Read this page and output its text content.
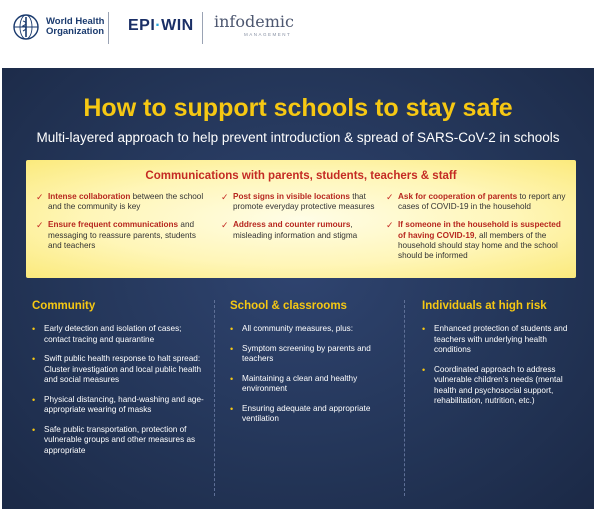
World Health
Organization EPI·WIN infodemic
MANAGEMENT
How to support schools to stay safe
Multi-layered approach to help prevent introduction & spread of SARS-CoV-2 in schools
Communications with parents, students, teachers & staff
✓ Intense collaboration between the school and the community is key
✓ Ensure frequent communications and messaging to reassure parents, students and teachers
✓ Post signs in visible locations that promote everyday protective measures
✓ Address and counter rumours, misleading information and stigma
✓ Ask for cooperation of parents to report any cases of COVID-19 in the household
✓ If someone in the household is suspected of having COVID-19, all members of the household should stay home and the school should be informed
Community
• Early detection and isolation of cases; contact tracing and quarantine
• Swift public health response to halt spread: Cluster investigation and local public health and social measures
• Physical distancing, hand-washing and age-appropriate wearing of masks
• Safe public transportation, protection of vulnerable groups and other measures as appropriate
School & classrooms
• All community measures, plus:
• Symptom screening by parents and teachers
• Maintaining a clean and healthy environment
• Ensuring adequate and appropriate ventilation
Individuals at high risk
• Enhanced protection of students and teachers with underlying health conditions
• Coordinated approach to address vulnerable children’s needs (mental health and psychosocial support, rehabilitation, nutrition, etc.)
